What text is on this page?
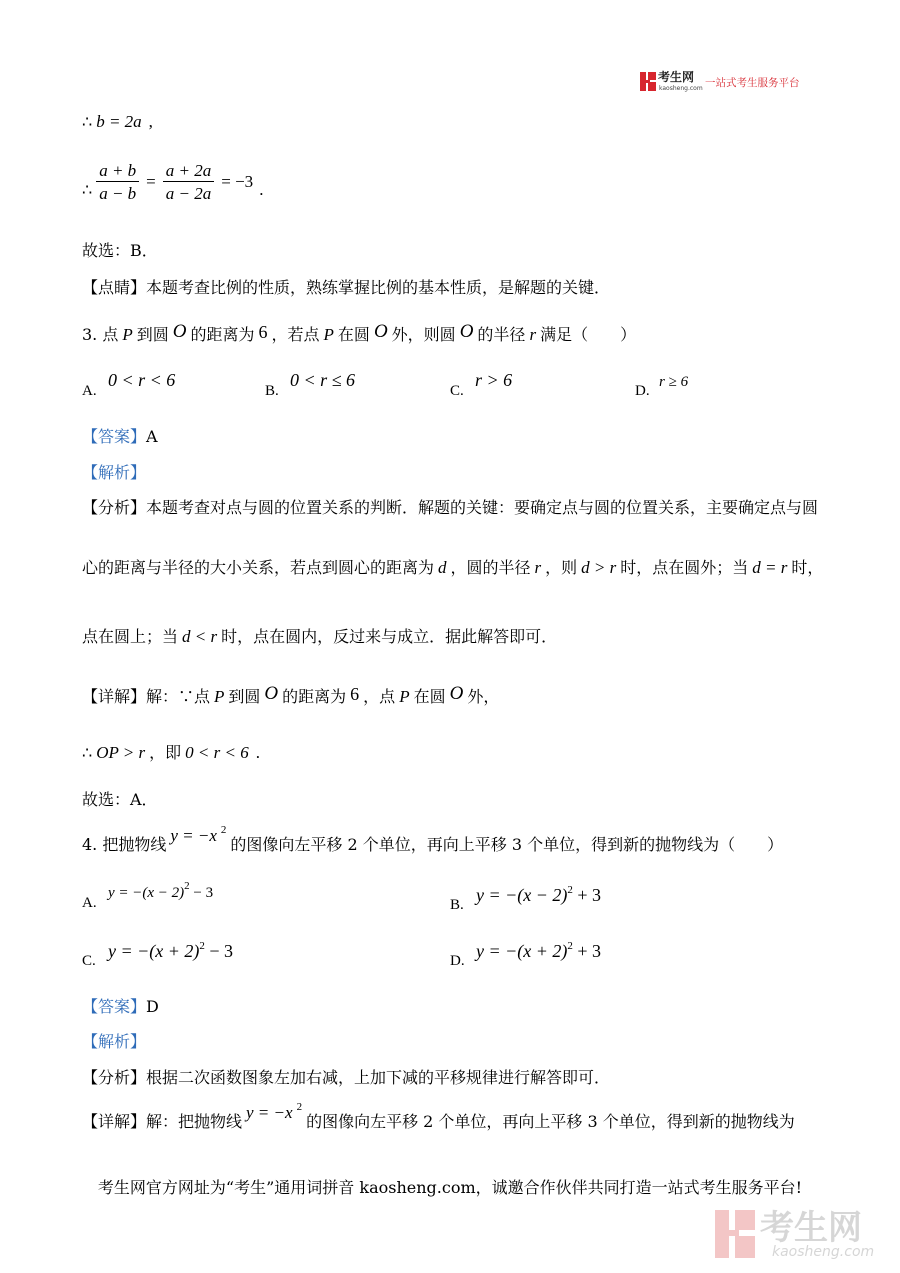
考生网
kaosheng.com 一站式考生服务平台
∴ b = 2a ,
∴ $\frac{a + b}{a - b} = \frac{a + 2a}{a - 2a} = -3$ .
故选：B．
【点睛】本题考查比例的性质，熟练掌握比例的基本性质，是解题的关键．
3. 点 P 到圆 O 的距离为 6 ，若点 P 在圆 O 外，则圆 O 的半径 r 满足（　　）
A.
0 < r < 6
B.
0 < r ≤ 6
C.
r > 6
D.
r ≥ 6
【答案】A
【解析】
【分析】本题考查对点与圆的位置关系的判断．解题的关键：要确定点与圆的位置关系，主要确定点与圆
心的距离与半径的大小关系，若点到圆心的距离为 d ，圆的半径 r ，则 d > r 时，点在圆外；当 d = r 时，
点在圆上；当 d < r 时，点在圆内，反过来与成立．据此解答即可．
【详解】解：∵点 P 到圆 O 的距离为 6 ，点 P 在圆 O 外，
∴ OP > r ，即 0 < r < 6 .
故选：A．
4. 把抛物线 y = −x $^2$的图像向左平移 2 个单位，再向上平移 3 个单位，得到新的抛物线为（　　）
A.
$y = -(x - 2)^2 - 3$
B. $y = -(x - 2)^2 + 3$
C. $y = -(x + 2)^2 - 3$	D. $y = -(x + 2)^2 + 3$
【答案】D
【解析】
【分析】根据二次函数图象左加右减，上加下减的平移规律进行解答即可．
【详解】解：把抛物线 y = −x $^2$的图像向左平移 2 个单位，再向上平移 3 个单位，得到新的抛物线为
考生网官方网址为“考生”通用词拼音 kaosheng.com，诚邀合作伙伴共同打造一站式考生服务平台!
考生网
kaosheng.com
